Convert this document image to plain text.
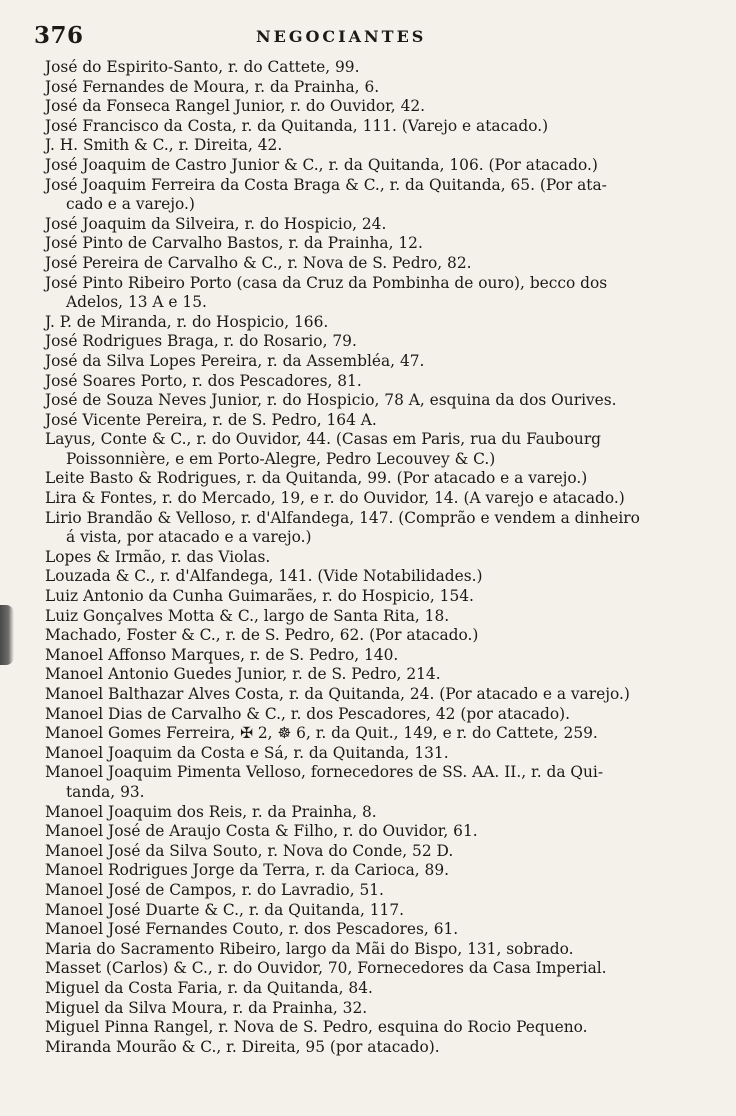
376	NEGOCIANTES
José do Espirito-Santo, r. do Cattete, 99.
José Fernandes de Moura, r. da Prainha, 6.
José da Fonseca Rangel Junior, r. do Ouvidor, 42.
José Francisco da Costa, r. da Quitanda, 111. (Varejo e atacado.)
J. H. Smith & C., r. Direita, 42.
José Joaquim de Castro Junior & C., r. da Quitanda, 106. (Por atacado.)
José Joaquim Ferreira da Costa Braga & C., r. da Quitanda, 65. (Por ata-
cado e a varejo.)
José Joaquim da Silveira, r. do Hospicio, 24.
José Pinto de Carvalho Bastos, r. da Prainha, 12.
José Pereira de Carvalho & C., r. Nova de S. Pedro, 82.
José Pinto Ribeiro Porto (casa da Cruz da Pombinha de ouro), becco dos
Adelos, 13 A e 15.
J. P. de Miranda, r. do Hospicio, 166.
José Rodrigues Braga, r. do Rosario, 79.
José da Silva Lopes Pereira, r. da Assembléa, 47.
José Soares Porto, r. dos Pescadores, 81.
José de Souza Neves Junior, r. do Hospicio, 78 A, esquina da dos Ourives.
José Vicente Pereira, r. de S. Pedro, 164 A.
Layus, Conte & C., r. do Ouvidor, 44. (Casas em Paris, rua du Faubourg
Poissonnière, e em Porto-Alegre, Pedro Lecouvey & C.)
Leite Basto & Rodrigues, r. da Quitanda, 99. (Por atacado e a varejo.)
Lira & Fontes, r. do Mercado, 19, e r. do Ouvidor, 14. (A varejo e atacado.)
Lirio Brandão & Velloso, r. d'Alfandega, 147. (Comprão e vendem a dinheiro
á vista, por atacado e a varejo.)
Lopes & Irmão, r. das Violas.
Louzada & C., r. d'Alfandega, 141. (Vide Notabilidades.)
Luiz Antonio da Cunha Guimarães, r. do Hospicio, 154.
Luiz Gonçalves Motta & C., largo de Santa Rita, 18.
Machado, Foster & C., r. de S. Pedro, 62. (Por atacado.)
Manoel Affonso Marques, r. de S. Pedro, 140.
Manoel Antonio Guedes Junior, r. de S. Pedro, 214.
Manoel Balthazar Alves Costa, r. da Quitanda, 24. (Por atacado e a varejo.)
Manoel Dias de Carvalho & C., r. dos Pescadores, 42 (por atacado).
Manoel Gomes Ferreira, ✠ 2, ☸ 6, r. da Quit., 149, e r. do Cattete, 259.
Manoel Joaquim da Costa e Sá, r. da Quitanda, 131.
Manoel Joaquim Pimenta Velloso, fornecedores de SS. AA. II., r. da Qui-
tanda, 93.
Manoel Joaquim dos Reis, r. da Prainha, 8.
Manoel José de Araujo Costa & Filho, r. do Ouvidor, 61.
Manoel José da Silva Souto, r. Nova do Conde, 52 D.
Manoel Rodrigues Jorge da Terra, r. da Carioca, 89.
Manoel José de Campos, r. do Lavradio, 51.
Manoel José Duarte & C., r. da Quitanda, 117.
Manoel José Fernandes Couto, r. dos Pescadores, 61.
Maria do Sacramento Ribeiro, largo da Mãi do Bispo, 131, sobrado.
Masset (Carlos) & C., r. do Ouvidor, 70, Fornecedores da Casa Imperial.
Miguel da Costa Faria, r. da Quitanda, 84.
Miguel da Silva Moura, r. da Prainha, 32.
Miguel Pinna Rangel, r. Nova de S. Pedro, esquina do Rocio Pequeno.
Miranda Mourão & C., r. Direita, 95 (por atacado).
